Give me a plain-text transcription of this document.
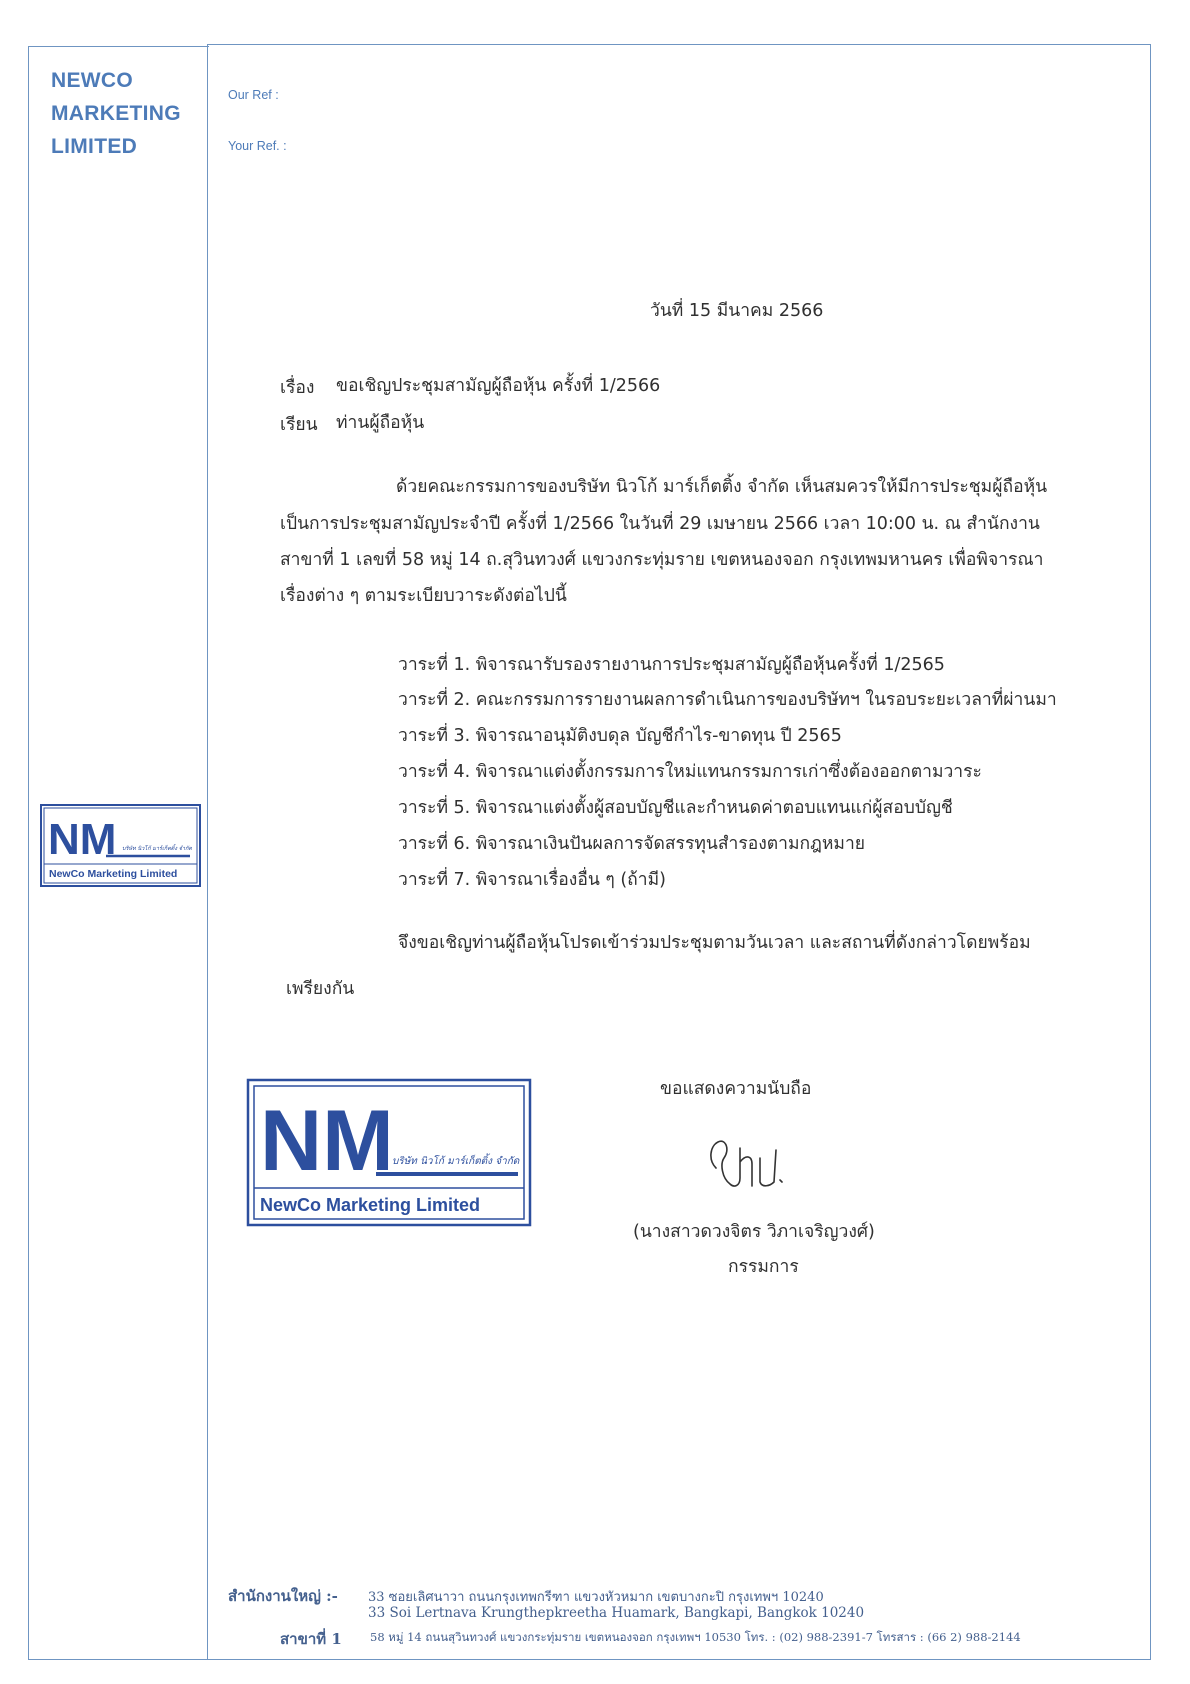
NEWCO
MARKETING
LIMITED
NM บริษัท นิวโก้ มาร์เก็ตติ้ง จำกัด
NewCo Marketing Limited
Our Ref :
Your Ref. :
วันที่ 15 มีนาคม 2566
เรื่อง ขอเชิญประชุมสามัญผู้ถือหุ้น ครั้งที่ 1/2566
เรียน ท่านผู้ถือหุ้น
ด้วยคณะกรรมการของบริษัท นิวโก้ มาร์เก็ตติ้ง จำกัด เห็นสมควรให้มีการประชุมผู้ถือหุ้น
เป็นการประชุมสามัญประจำปี ครั้งที่ 1/2566 ในวันที่ 29 เมษายน 2566 เวลา 10:00 น. ณ สำนักงาน
สาขาที่ 1 เลขที่ 58 หมู่ 14 ถ.สุวินทวงศ์ แขวงกระทุ่มราย เขตหนองจอก กรุงเทพมหานคร เพื่อพิจารณา
เรื่องต่าง ๆ ตามระเบียบวาระดังต่อไปนี้
วาระที่ 1. พิจารณารับรองรายงานการประชุมสามัญผู้ถือหุ้นครั้งที่ 1/2565
วาระที่ 2. คณะกรรมการรายงานผลการดำเนินการของบริษัทฯ ในรอบระยะเวลาที่ผ่านมา
วาระที่ 3. พิจารณาอนุมัติงบดุล บัญชีกำไร-ขาดทุน ปี 2565
วาระที่ 4. พิจารณาแต่งตั้งกรรมการใหม่แทนกรรมการเก่าซึ่งต้องออกตามวาระ
วาระที่ 5. พิจารณาแต่งตั้งผู้สอบบัญชีและกำหนดค่าตอบแทนแก่ผู้สอบบัญชี
วาระที่ 6. พิจารณาเงินปันผลการจัดสรรทุนสำรองตามกฎหมาย
วาระที่ 7. พิจารณาเรื่องอื่น ๆ (ถ้ามี)
จึงขอเชิญท่านผู้ถือหุ้นโปรดเข้าร่วมประชุมตามวันเวลา และสถานที่ดังกล่าวโดยพร้อม
เพรียงกัน
ขอแสดงความนับถือ
NM
บริษัท นิวโก้ มาร์เก็ตติ้ง จำกัด
NewCo Marketing Limited
(นางสาวดวงจิตร วิภาเจริญวงศ์)
กรรมการ
สำนักงานใหญ่ :- 33 ซอยเลิศนาวา ถนนกรุงเทพกรีฑา แขวงหัวหมาก เขตบางกะปิ กรุงเทพฯ 10240
33 Soi Lertnava Krungthepkreetha Huamark, Bangkapi, Bangkok 10240
สาขาที่ 1 58 หมู่ 14 ถนนสุวินทวงศ์ แขวงกระทุ่มราย เขตหนองจอก กรุงเทพฯ 10530 โทร. : (02) 988-2391-7 โทรสาร : (66 2) 988-2144
